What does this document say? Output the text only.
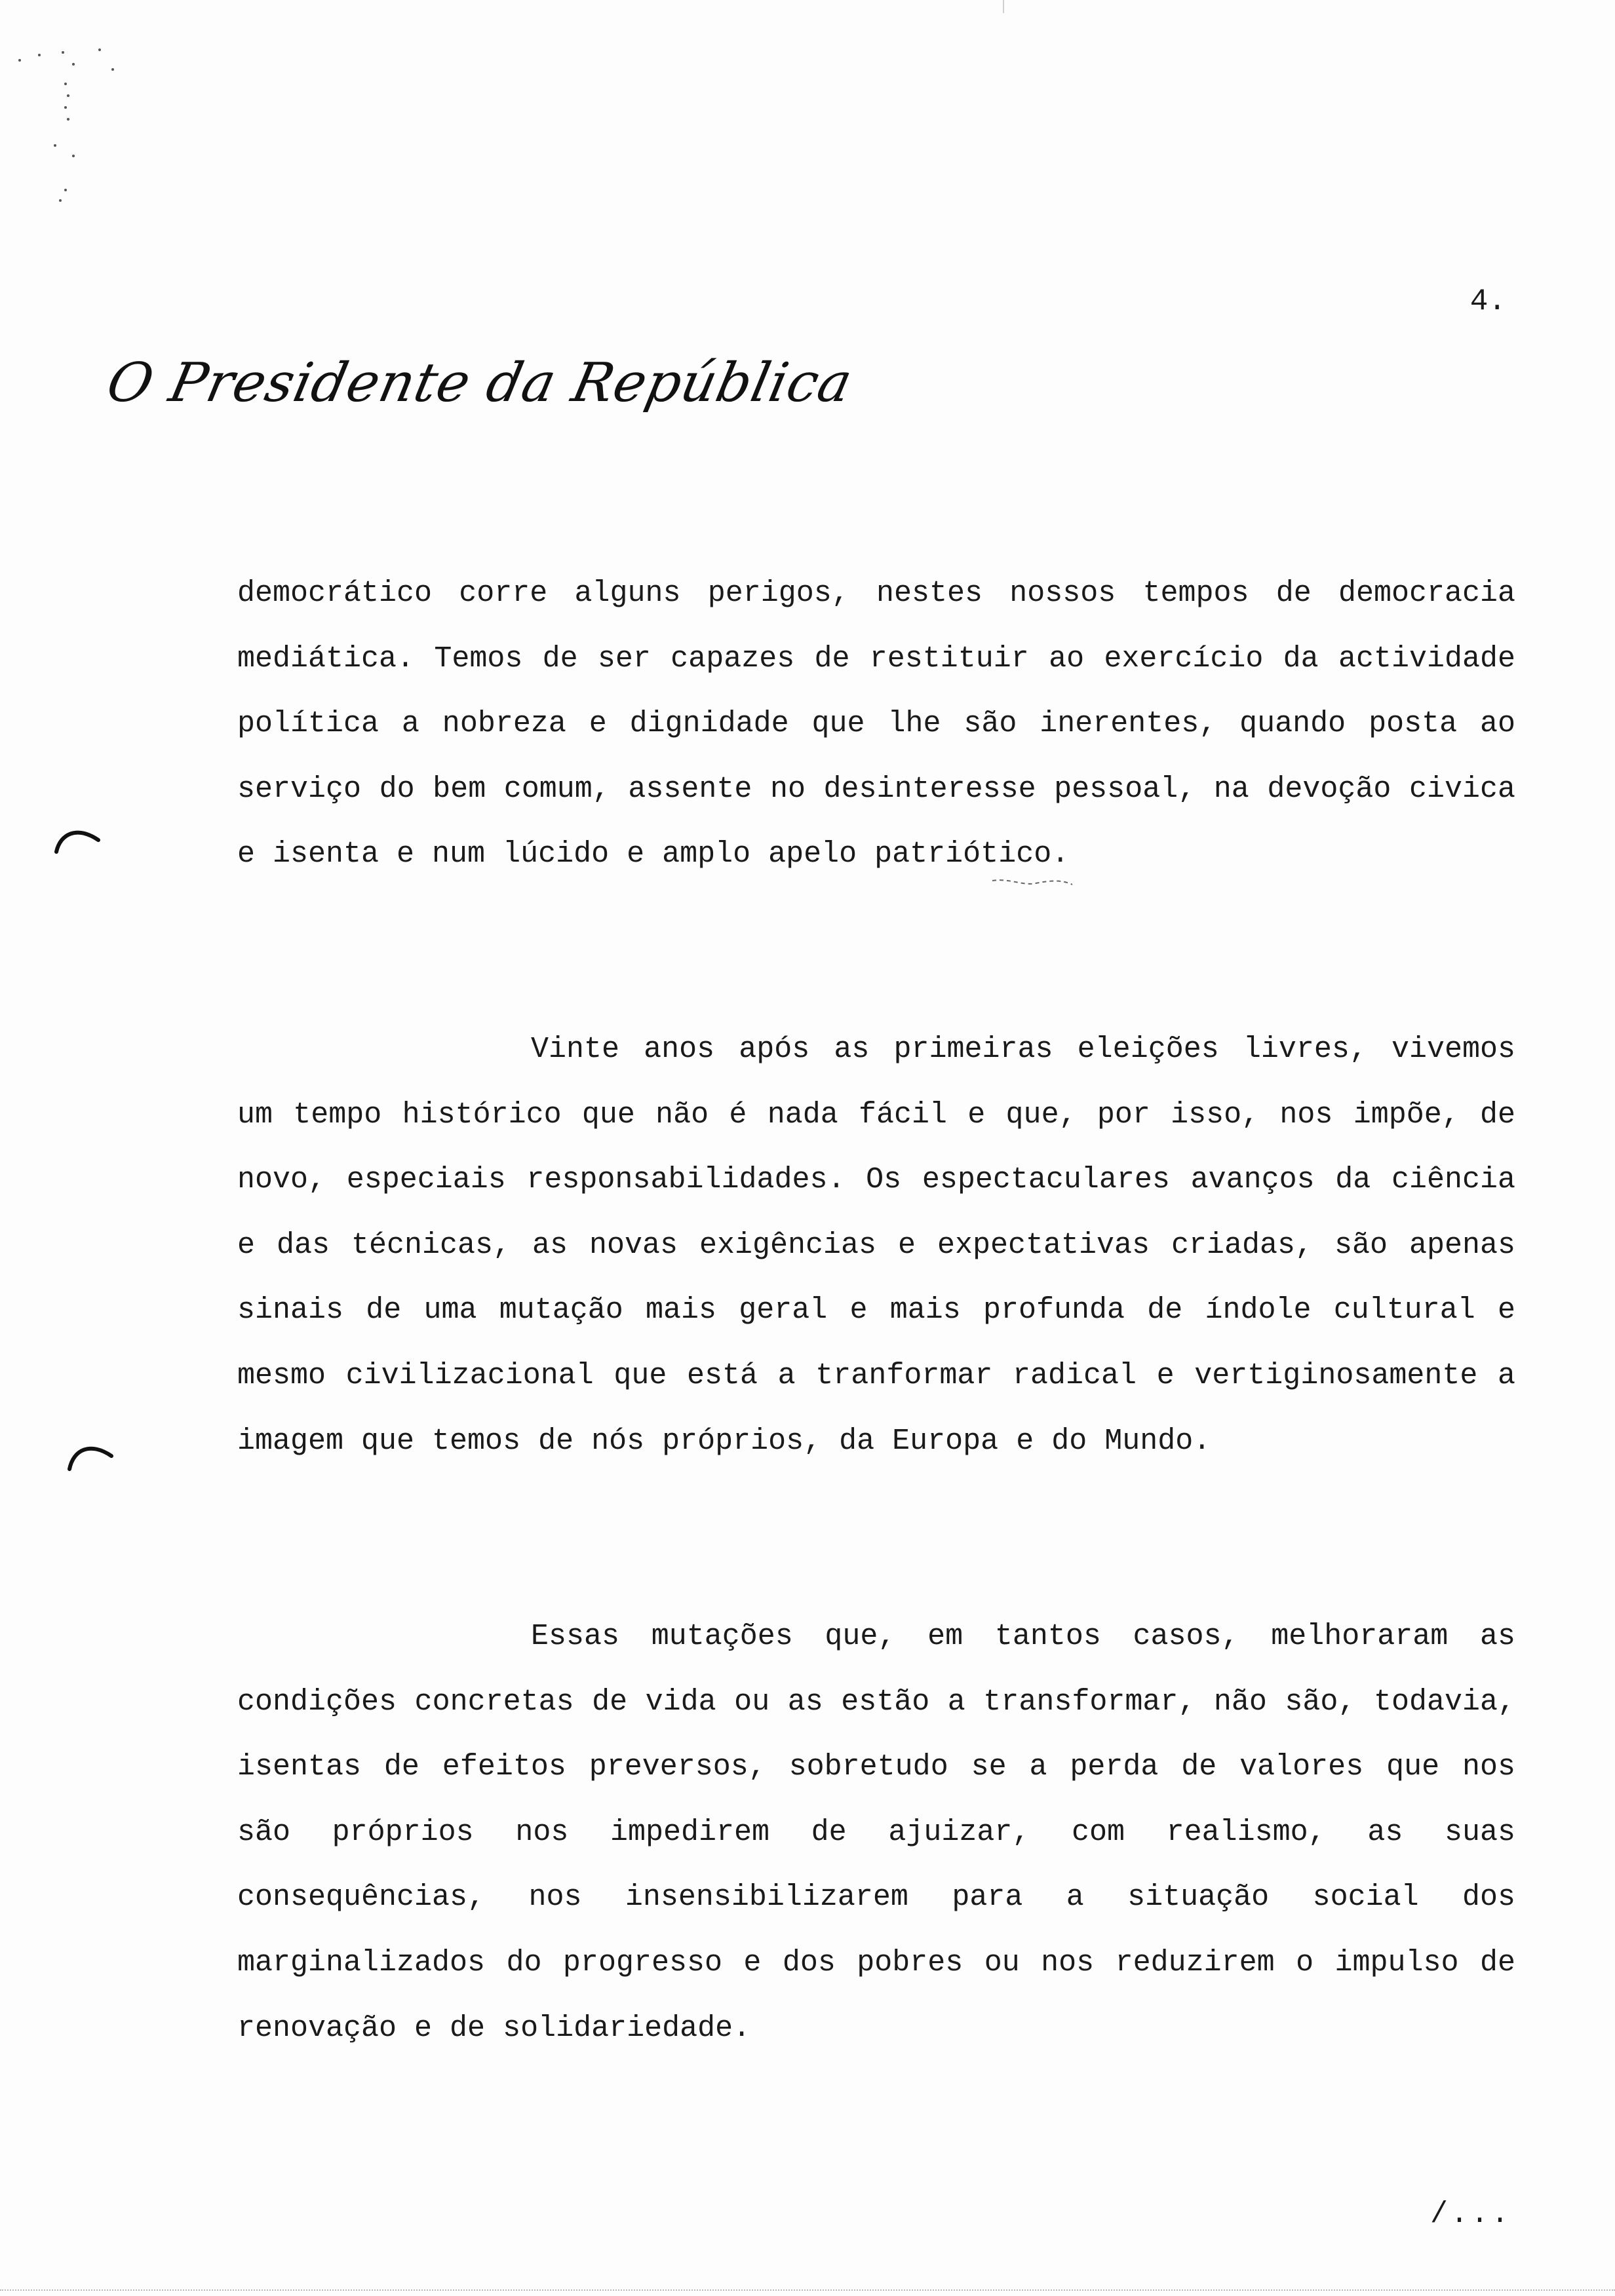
4.
O Presidente da República

democrático corre alguns perigos, nestes nossos tempos de democracia mediática. Temos de ser capazes de restituir ao exercício da actividade política a nobreza e dignidade que lhe são inerentes, quando posta ao serviço do bem comum, assente no desinteresse pessoal, na devoção civica e isenta e num lúcido e amplo apelo patriótico.

Vinte anos após as primeiras eleições livres, vivemos um tempo histórico que não é nada fácil e que, por isso, nos impõe, de novo, especiais responsabilidades. Os espectaculares avanços da ciência e das técnicas, as novas exigências e expectativas criadas, são apenas sinais de uma mutação mais geral e mais profunda de índole cultural e mesmo civilizacional que está a tranformar radical e vertiginosamente a imagem que temos de nós próprios, da Europa e do Mundo.

Essas mutações que, em tantos casos, melhoraram as condições concretas de vida ou as estão a transformar, não são, todavia, isentas de efeitos preversos, sobretudo se a perda de valores que nos são próprios nos impedirem de ajuizar, com realismo, as suas consequências, nos insensibilizarem para a situação social dos marginalizados do progresso e dos pobres ou nos reduzirem o impulso de renovação e de solidariedade.

/...
